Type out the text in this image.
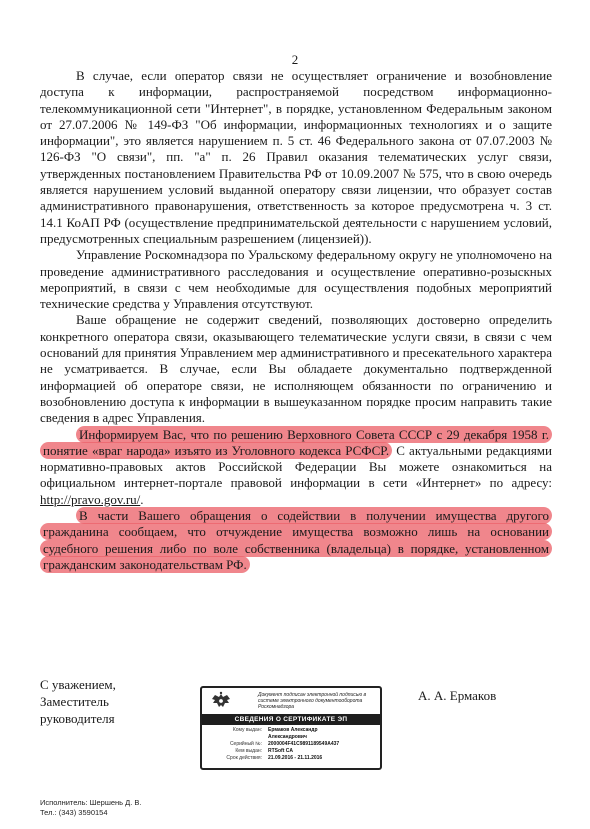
2

В случае, если оператор связи не осуществляет ограничение и возобновление доступа к информации, распространяемой посредством информационно-телекоммуникационной сети "Интернет", в порядке, установленном Федеральным законом от 27.07.2006 № 149-ФЗ "Об информации, информационных технологиях и о защите информации", это является нарушением п. 5 ст. 46 Федерального закона от 07.07.2003 № 126-ФЗ "О связи", пп. "а" п. 26 Правил оказания телематических услуг связи, утвержденных постановлением Правительства РФ от 10.09.2007 № 575, что в свою очередь является нарушением условий выданной оператору связи лицензии, что образует состав административного правонарушения, ответственность за которое предусмотрена ч. 3 ст. 14.1 КоАП РФ (осуществление предпринимательской деятельности с нарушением условий, предусмотренных специальным разрешением (лицензией)).

Управление Роскомнадзора по Уральскому федеральному округу не уполномочено на проведение административного расследования и осуществление оперативно-розыскных мероприятий, в связи с чем необходимые для осуществления подобных мероприятий технические средства у Управления отсутствуют.

Ваше обращение не содержит сведений, позволяющих достоверно определить конкретного оператора связи, оказывающего телематические услуги связи, в связи с чем оснований для принятия Управлением мер административного и пресекательного характера не усматривается. В случае, если Вы обладаете документально подтвержденной информацией об операторе связи, не исполняющем обязанности по ограничению и возобновлению доступа к информации в вышеуказанном порядке просим направить такие сведения в адрес Управления.

Информируем Вас, что по решению Верховного Совета СССР с 29 декабря 1958 г. понятие «враг народа» изъято из Уголовного кодекса РСФСР. С актуальными редакциями нормативно-правовых актов Российской Федерации Вы можете ознакомиться на официальном интернет-портале правовой информации в сети «Интернет» по адресу: http://pravo.gov.ru/.

В части Вашего обращения о содействии в получении имущества другого гражданина сообщаем, что отчуждение имущества возможно лишь на основании судебного решения либо по воле собственника (владельца) в порядке, установленном гражданским законодательствам РФ.

С уважением,
Заместитель
руководителя
Документ подписан электронной подписью в системе электронного документооборота Роскомнадзора
СВЕДЕНИЯ О СЕРТИФИКАТЕ ЭП
Кому выдан:	Ермаков Александр
Александрович
Серийный №:	2000004F41C9891189549A437
Кем выдан:	RTSoft CA
Срок действия:	21.09.2016 - 21.11.2016
А. А. Ермаков
Исполнитель: Шершень Д. В.
Тел.: (343) 3590154
